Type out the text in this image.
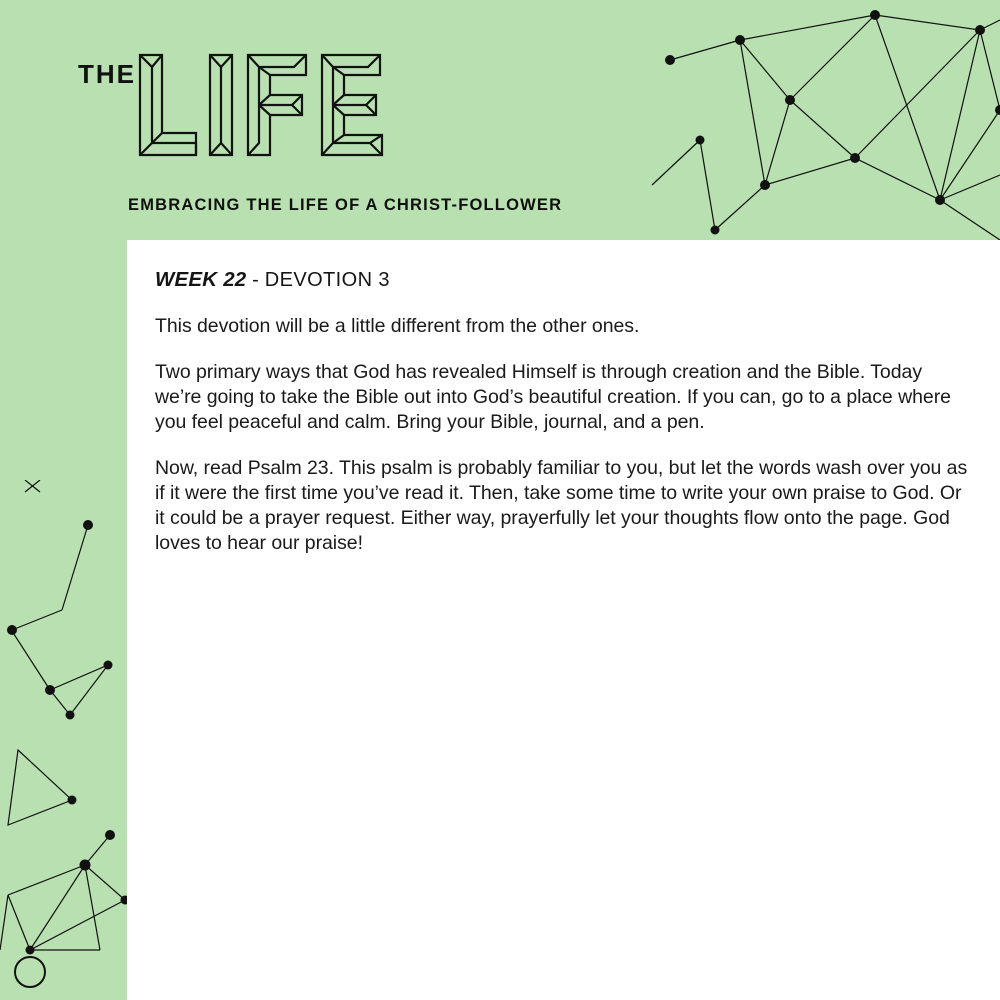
THE
EMBRACING THE LIFE OF A CHRIST-FOLLOWER
WEEK 22 - DEVOTION 3

This devotion will be a little different from the other ones.

Two primary ways that God has revealed Himself is through creation and the Bible. Today we’re going to take the Bible out into God’s beautiful creation. If you can, go to a place where you feel peaceful and calm. Bring your Bible, journal, and a pen.

Now, read Psalm 23. This psalm is probably familiar to you, but let the words wash over you as if it were the first time you’ve read it. Then, take some time to write your own praise to God. Or it could be a prayer request. Either way, prayerfully let your thoughts flow onto the page. God loves to hear our praise!
